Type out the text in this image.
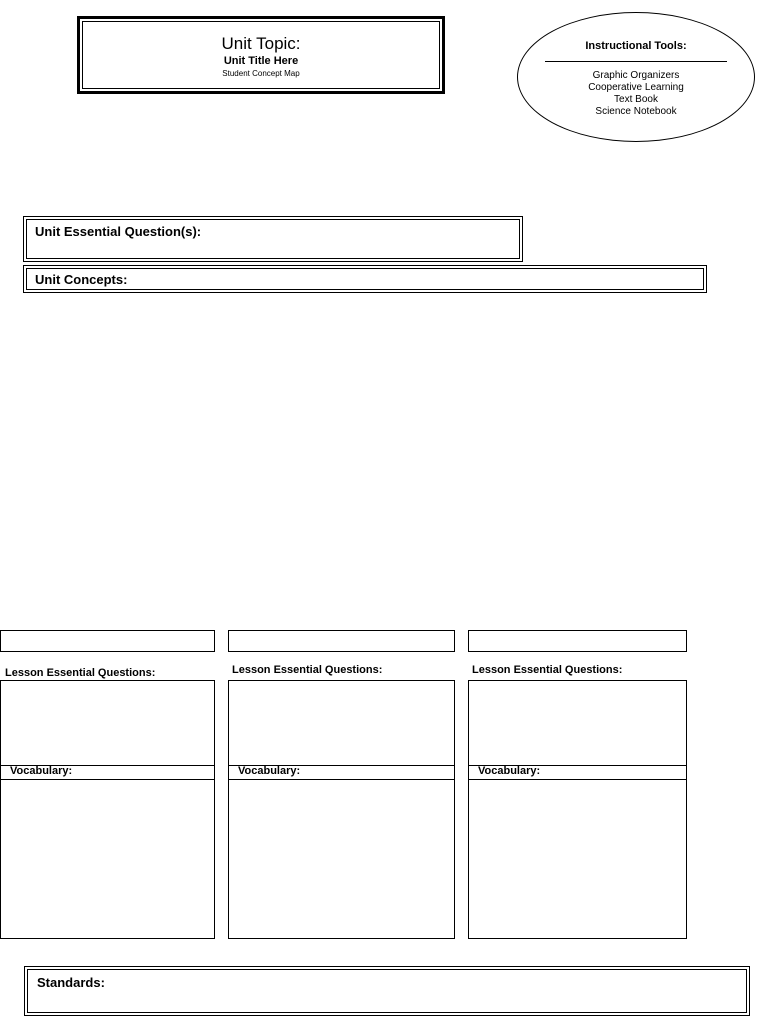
Unit Topic:
Unit Title Here
Student Concept Map
Instructional Tools:
Graphic Organizers
Cooperative Learning
Text Book
Science Notebook
Unit Essential Question(s):
Unit Concepts:
Lesson Essential Questions:
Vocabulary:
Lesson Essential Questions:
Vocabulary:
Lesson Essential Questions:
Vocabulary:
Standards:
